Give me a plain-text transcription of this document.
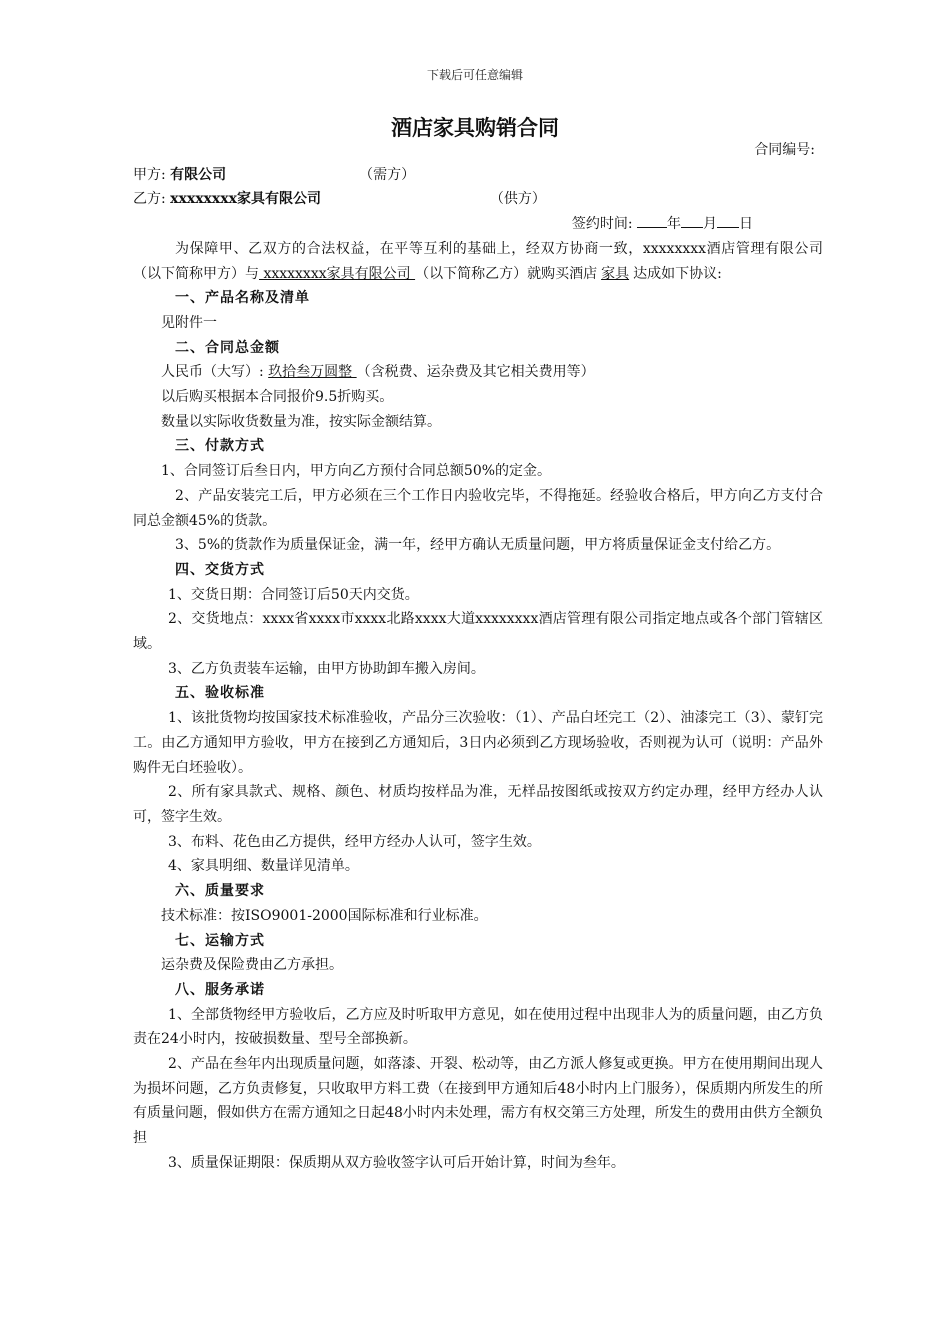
下载后可任意编辑
酒店家具购销合同

合同编号:

甲方: 有限公司	（需方）

乙方: xxxxxxxx家具有限公司	（供方）

签约时间: 年 月 日

为保障甲、乙双方的合法权益，在平等互利的基础上，经双方协商一致，xxxxxxxx酒店管理有限公司（以下简称甲方）与 xxxxxxxx家具有限公司 （以下简称乙方）就购买酒店 家具 达成如下协议:

一、产品名称及清单

见附件一

二、合同总金额

人民币（大写）: 玖拾叁万圆整 （含税费、运杂费及其它相关费用等）

以后购买根据本合同报价9.5折购买。

数量以实际收货数量为准，按实际金额结算。

三、付款方式

1、合同签订后叁日内，甲方向乙方预付合同总额50%的定金。

2、产品安装完工后，甲方必须在三个工作日内验收完毕，不得拖延。经验收合格后，甲方向乙方支付合同总金额45%的货款。

3、5%的货款作为质量保证金，满一年，经甲方确认无质量问题，甲方将质量保证金支付给乙方。

四、交货方式

1、交货日期：合同签订后50天内交货。

2、交货地点：xxxx省xxxx市xxxx北路xxxx大道xxxxxxxx酒店管理有限公司指定地点或各个部门管辖区域。

3、乙方负责装车运输，由甲方协助卸车搬入房间。

五、验收标准

1、该批货物均按国家技术标准验收，产品分三次验收：（1）、产品白坯完工（2）、油漆完工（3）、蒙钉完工。由乙方通知甲方验收，甲方在接到乙方通知后，3日内必须到乙方现场验收，否则视为认可（说明：产品外购件无白坯验收）。

2、所有家具款式、规格、颜色、材质均按样品为准，无样品按图纸或按双方约定办理，经甲方经办人认可，签字生效。

3、布料、花色由乙方提供，经甲方经办人认可，签字生效。

4、家具明细、数量详见清单。

六、质量要求

技术标准：按ISO9001-2000国际标准和行业标准。

七、运输方式

运杂费及保险费由乙方承担。

八、服务承诺

1、全部货物经甲方验收后，乙方应及时听取甲方意见，如在使用过程中出现非人为的质量问题，由乙方负责在24小时内，按破损数量、型号全部换新。

2、产品在叁年内出现质量问题，如落漆、开裂、松动等，由乙方派人修复或更换。甲方在使用期间出现人为损坏问题，乙方负责修复，只收取甲方料工费（在接到甲方通知后48小时内上门服务），保质期内所发生的所有质量问题，假如供方在需方通知之日起48小时内未处理，需方有权交第三方处理，所发生的费用由供方全额负担

3、质量保证期限：保质期从双方验收签字认可后开始计算，时间为叁年。
